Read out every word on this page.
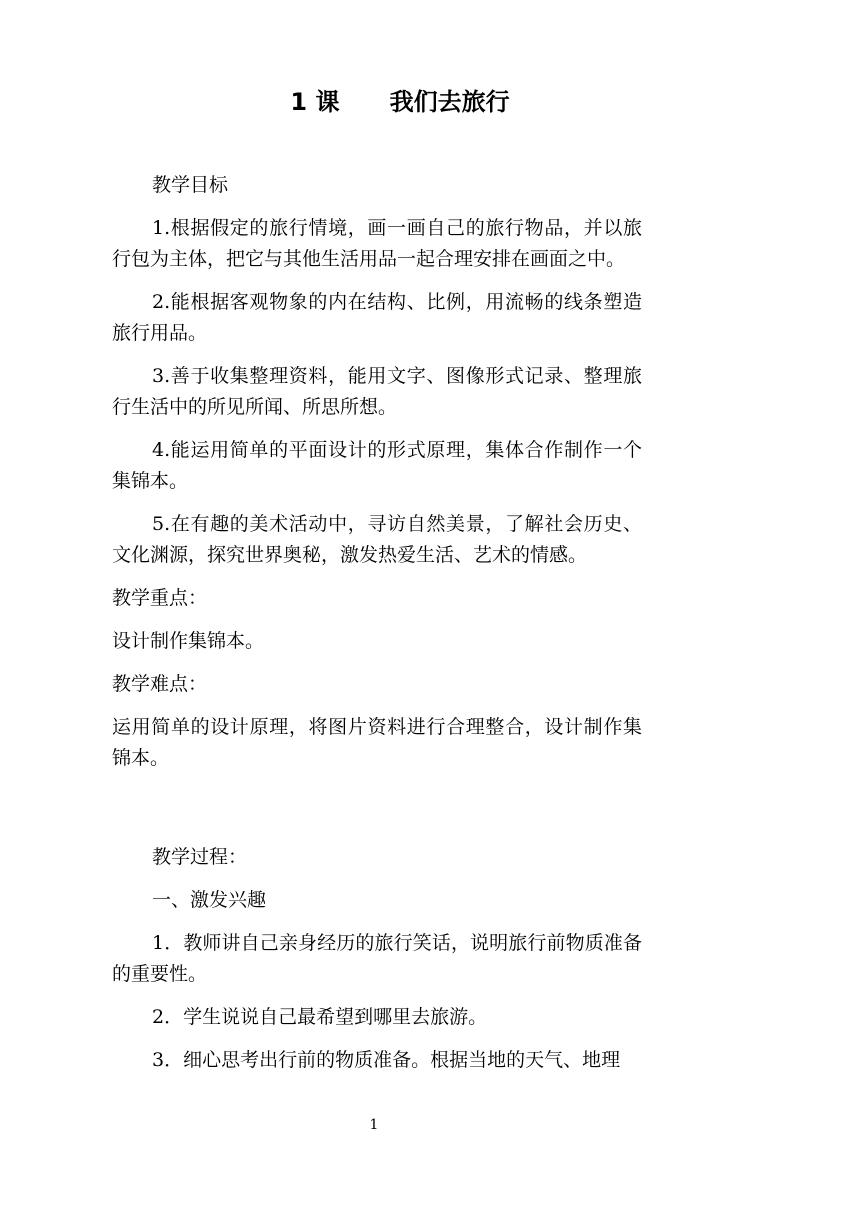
1 课      我们去旅行

教学目标

1.根据假定的旅行情境，画一画自己的旅行物品，并以旅行包为主体，把它与其他生活用品一起合理安排在画面之中。

2.能根据客观物象的内在结构、比例，用流畅的线条塑造旅行用品。

3.善于收集整理资料，能用文字、图像形式记录、整理旅行生活中的所见所闻、所思所想。

4.能运用简单的平面设计的形式原理，集体合作制作一个集锦本。

5.在有趣的美术活动中，寻访自然美景，了解社会历史、文化渊源，探究世界奥秘，激发热爱生活、艺术的情感。

教学重点：

设计制作集锦本。

教学难点：

运用简单的设计原理，将图片资料进行合理整合，设计制作集锦本。

教学过程：

一、激发兴趣

1．教师讲自己亲身经历的旅行笑话，说明旅行前物质准备的重要性。

2．学生说说自己最希望到哪里去旅游。

3．细心思考出行前的物质准备。根据当地的天气、地理

1
